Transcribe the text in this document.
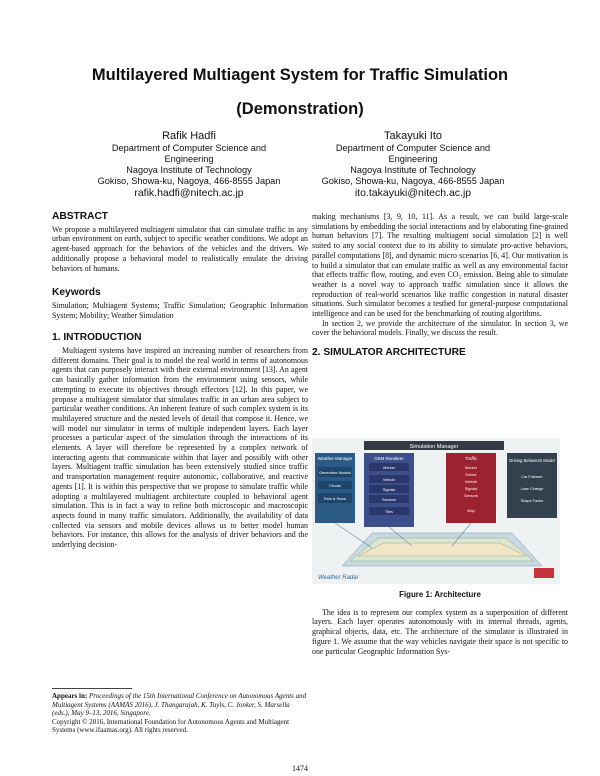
Multilayered Multiagent System for Traffic Simulation
(Demonstration)
Rafik Hadfi
Department of Computer Science and
Engineering
Nagoya Institute of Technology
Gokiso, Showa-ku, Nagoya, 466-8555 Japan
rafik.hadfi@nitech.ac.jp
Takayuki Ito
Department of Computer Science and
Engineering
Nagoya Institute of Technology
Gokiso, Showa-ku, Nagoya, 466-8555 Japan
ito.takayuki@nitech.ac.jp
ABSTRACT

We propose a multilayered multiagent simulator that can simulate traffic in any urban environment on earth, subject to specific weather conditions. We adopt an agent-based approach for the behaviors of the vehicles and the drivers. We additionally propose a behavioral model to realistically emulate the driving behaviors of humans.

Keywords

Simulation; Multiagent Systems; Traffic Simulation; Geographic Information System; Mobility; Weather Simulation

1. INTRODUCTION

Multiagent systems have inspired an increasing number of researchers from different domains. Their goal is to model the real world in terms of autonomous agents that can purposely interact with their external environment [13]. An agent can basically gather information from the environment using sensors, while attempting to execute its objectives through effectors [12]. In this paper, we propose a multiagent simulator that simulates traffic in an urban area subject to particular weather conditions. An inherent feature of such complex system is its multilayered structure and the nested levels of detail that compose it. Hence, we will model our simulator in terms of multiple independent layers. Each layer processes a particular aspect of the simulation through the interactions of its elements. A layer will therefore be represented by a complex network of interacting agents that communicate within that layer and possibly with other layers. Multiagent traffic simulation has been extensively studied since traffic and transportation management require autonomic, collaborative, and reactive agents [1]. It is within this perspective that we propose to simulate traffic while adopting a multilayered multiagent architecture coupled to behavioral agent simulation. This is in fact a way to refine both microscopic and macroscopic aspects found in many traffic simulators. Additionally, the availability of data collected via sensors and mobile devices allows us to better model human behaviors. For instance, this allows for the analysis of driver behaviors and the underlying decision-

Appears in: Proceedings of the 15th International Conference on Autonomous Agents and Multiagent Systems (AAMAS 2016), J. Thangarajah, K. Tuyls, C. Jonker, S. Marsella (eds.), May 9–13, 2016, Singapore.
Copyright © 2016, International Foundation for Autonomous Agents and Multiagent Systems (www.ifaamas.org). All rights reserved.

making mechanisms [3, 9, 10, 11]. As a result, we can build large-scale simulations by embedding the social interactions and by elaborating fine-grained human behaviors [7]. The resulting multiagent social simulation [2] is well suited to any social context due to its ability to simulate pro-active behaviors, parallel computations [8], and dynamic micro scenarios [6, 4]. Our motivation is to build a simulator that can emulate traffic as well as any environmental factor that effects traffic flow, routing, and even CO₂ emission. Being able to simulate weather is a novel way to approach traffic simulation since it allows the reproduction of real-world scenarios like traffic congestion in natural disaster situations. Such simulator becomes a testbed for general-purpose computational intelligence and can be used for the benchmarking of routing algorithms.

In section 2, we provide the architecture of the simulator. In section 3, we cover the behavioral models. Finally, we discuss the result.

2. SIMULATOR ARCHITECTURE
Simulation Manager
Weather Manager
Generative Models
Clouds
Rain & Snow
OSM Renderer
Worker
Vehicle
Signals
Sensors
Tiles
Traffic
Worker
Detect
Vehicle
Signals
Sensors
Map
Driving Behaviors Model
Car Follower
Lane Change
Shape Factor
Weather Radar
Figure 1: Architecture

The idea is to represent our complex system as a superposition of different layers. Each layer operates autonomously with its internal threads, agents, graphical objects, data, etc. The architecture of the simulator is illustrated in figure 1. We assume that the way vehicles navigate their space is not specific to one particular Geographic Information Sys-

1474
